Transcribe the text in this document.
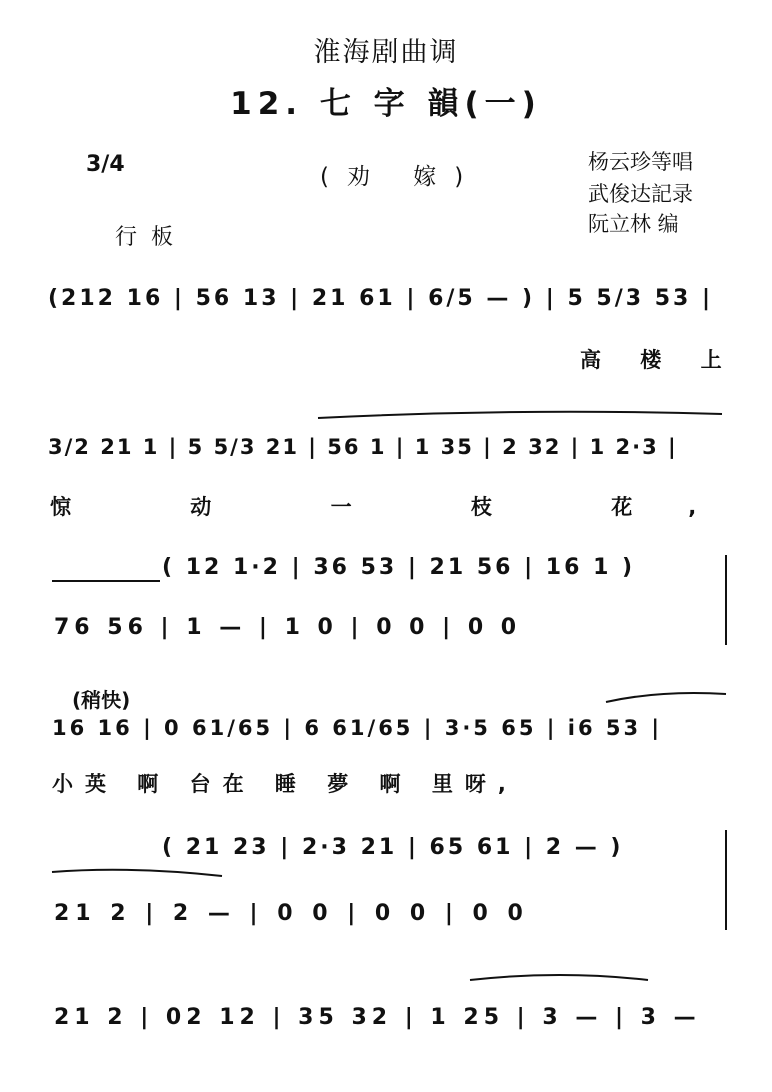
淮海剧曲调
12. 七 字 韻(一)
3/4	(劝 嫁)
杨云珍等唱
武俊达記录
阮立林 编
行板
(212 16 | 56 13 | 21 61 | 6/5 — ) | 5 5/3 53 |
高 楼 上
3/2 21 1 | 5 5/3 21 | 56 1 | 1 35 | 2 32 | 1 2·3 |
惊 动 一 枝 花,
( 12 1·2 | 36 53 | 21 56 | 16 1 )
76 56 | 1 — | 1 0 | 0 0 | 0 0
(稍快)
16 16 | 0 61/65 | 6 61/65 | 3·5 65 | i6 53 |
小英 啊 台在 睡 夢 啊 里呀,
( 21 23 | 2·3 21 | 65 61 | 2 — )
21 2 | 2 — | 0 0 | 0 0 | 0 0
21 2 | 02 12 | 35 32 | 1 25 | 3 — | 3 —
